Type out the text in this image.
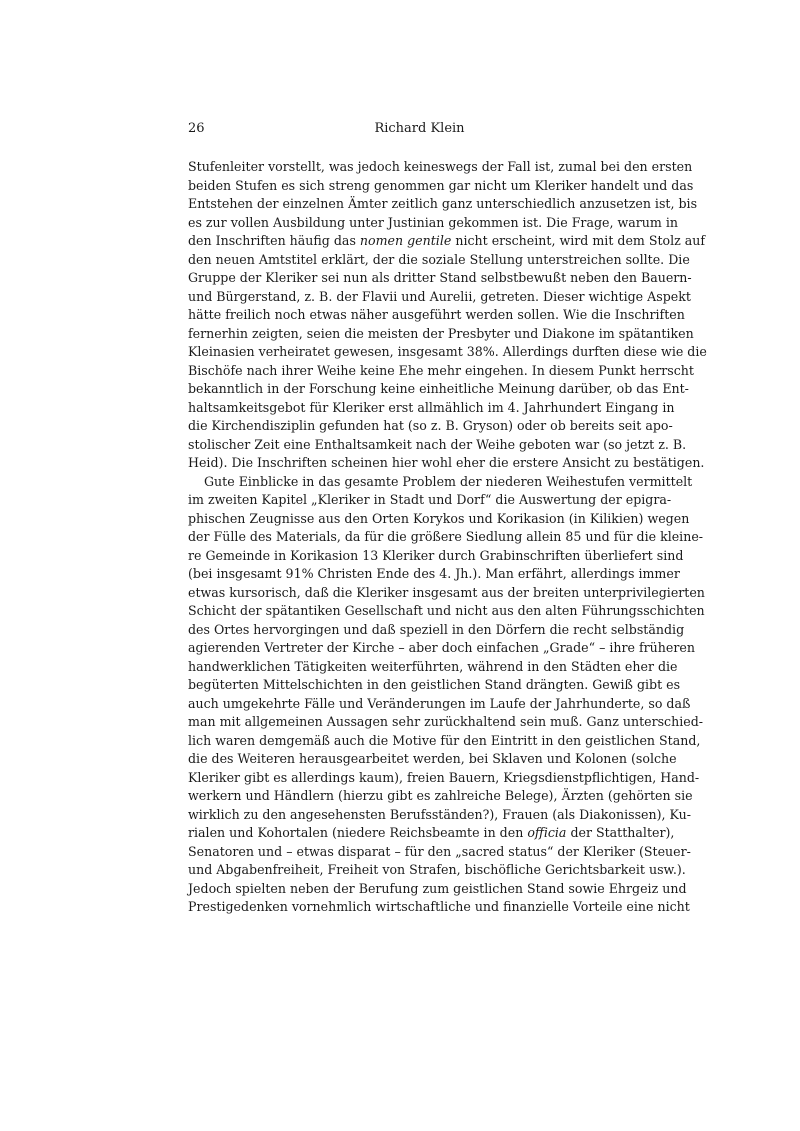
26	Richard Klein
Stufenleiter vorstellt, was jedoch keineswegs der Fall ist, zumal bei den ersten
beiden Stufen es sich streng genommen gar nicht um Kleriker handelt und das
Entstehen der einzelnen Ämter zeitlich ganz unterschiedlich anzusetzen ist, bis
es zur vollen Ausbildung unter Justinian gekommen ist. Die Frage, warum in
den Inschriften häufig das nomen gentile nicht erscheint, wird mit dem Stolz auf
den neuen Amtstitel erklärt, der die soziale Stellung unterstreichen sollte. Die
Gruppe der Kleriker sei nun als dritter Stand selbstbewußt neben den Bauern-
und Bürgerstand, z. B. der Flavii und Aurelii, getreten. Dieser wichtige Aspekt
hätte freilich noch etwas näher ausgeführt werden sollen. Wie die Inschriften
fernerhin zeigten, seien die meisten der Presbyter und Diakone im spätantiken
Kleinasien verheiratet gewesen, insgesamt 38%. Allerdings durften diese wie die
Bischöfe nach ihrer Weihe keine Ehe mehr eingehen. In diesem Punkt herrscht
bekanntlich in der Forschung keine einheitliche Meinung darüber, ob das Ent-
haltsamkeitsgebot für Kleriker erst allmählich im 4. Jahrhundert Eingang in
die Kirchendisziplin gefunden hat (so z. B. Gryson) oder ob bereits seit apo-
stolischer Zeit eine Enthaltsamkeit nach der Weihe geboten war (so jetzt z. B.
Heid). Die Inschriften scheinen hier wohl eher die erstere Ansicht zu bestätigen.
Gute Einblicke in das gesamte Problem der niederen Weihestufen vermittelt
im zweiten Kapitel „Kleriker in Stadt und Dorf“ die Auswertung der epigra-
phischen Zeugnisse aus den Orten Korykos und Korikasion (in Kilikien) wegen
der Fülle des Materials, da für die größere Siedlung allein 85 und für die kleine-
re Gemeinde in Korikasion 13 Kleriker durch Grabinschriften überliefert sind
(bei insgesamt 91% Christen Ende des 4. Jh.). Man erfährt, allerdings immer
etwas kursorisch, daß die Kleriker insgesamt aus der breiten unterprivilegierten
Schicht der spätantiken Gesellschaft und nicht aus den alten Führungsschichten
des Ortes hervorgingen und daß speziell in den Dörfern die recht selbständig
agierenden Vertreter der Kirche – aber doch einfachen „Grade“ – ihre früheren
handwerklichen Tätigkeiten weiterführten, während in den Städten eher die
begüterten Mittelschichten in den geistlichen Stand drängten. Gewiß gibt es
auch umgekehrte Fälle und Veränderungen im Laufe der Jahrhunderte, so daß
man mit allgemeinen Aussagen sehr zurückhaltend sein muß. Ganz unterschied-
lich waren demgemäß auch die Motive für den Eintritt in den geistlichen Stand,
die des Weiteren herausgearbeitet werden, bei Sklaven und Kolonen (solche
Kleriker gibt es allerdings kaum), freien Bauern, Kriegsdienstpflichtigen, Hand-
werkern und Händlern (hierzu gibt es zahlreiche Belege), Ärzten (gehörten sie
wirklich zu den angesehensten Berufsständen?), Frauen (als Diakonissen), Ku-
rialen und Kohortalen (niedere Reichsbeamte in den officia der Statthalter),
Senatoren und – etwas disparat – für den „sacred status“ der Kleriker (Steuer-
und Abgabenfreiheit, Freiheit von Strafen, bischöfliche Gerichtsbarkeit usw.).
Jedoch spielten neben der Berufung zum geistlichen Stand sowie Ehrgeiz und
Prestigedenken vornehmlich wirtschaftliche und finanzielle Vorteile eine nicht
